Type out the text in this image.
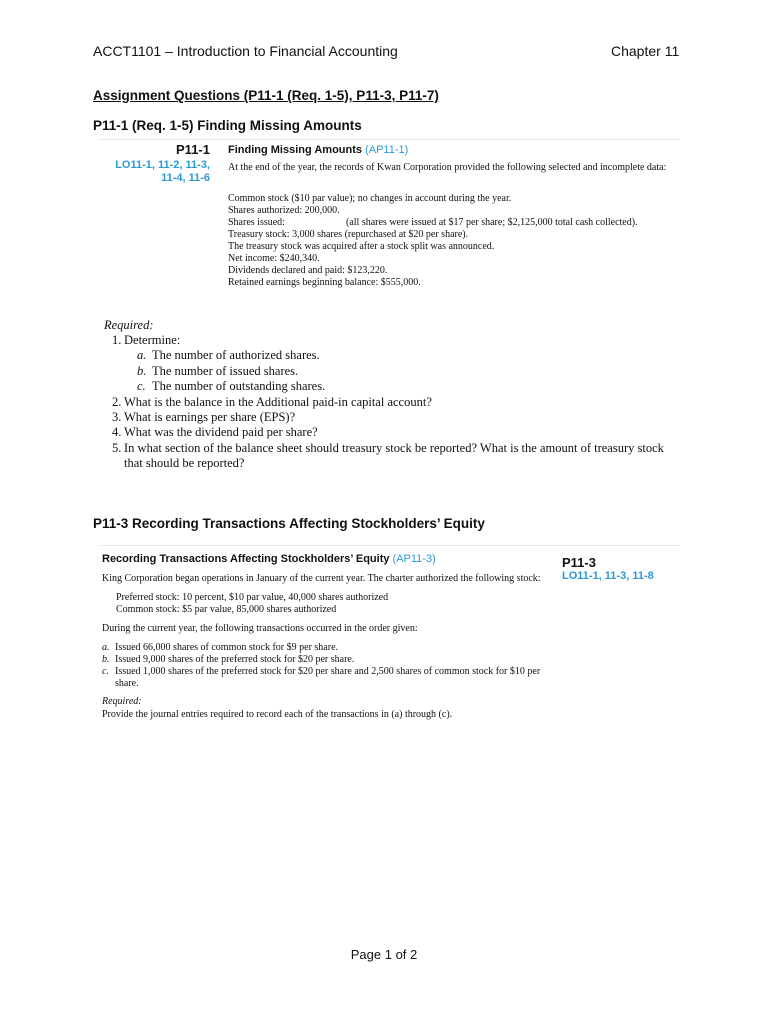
ACCT1101 – Introduction to Financial Accounting	Chapter 11
Assignment Questions (P11-1 (Req. 1-5), P11-3, P11-7)
P11-1 (Req. 1-5) Finding Missing Amounts
P11-1
LO11-1, 11-2, 11-3,
11-4, 11-6
Finding Missing Amounts (AP11-1)
At the end of the year, the records of Kwan Corporation provided the following selected and incomplete data:
Common stock ($10 par value); no changes in account during the year.
Shares authorized: 200,000.
Shares issued:	(all shares were issued at $17 per share; $2,125,000 total cash collected).
Treasury stock: 3,000 shares (repurchased at $20 per share).
The treasury stock was acquired after a stock split was announced.
Net income: $240,340.
Dividends declared and paid: $123,220.
Retained earnings beginning balance: $555,000.
Required:
1. Determine:
a. The number of authorized shares.
b. The number of issued shares.
c. The number of outstanding shares.
2. What is the balance in the Additional paid-in capital account?
3. What is earnings per share (EPS)?
4. What was the dividend paid per share?
5. In what section of the balance sheet should treasury stock be reported? What is the amount of treasury stock that should be reported?
P11-3 Recording Transactions Affecting Stockholders’ Equity
Recording Transactions Affecting Stockholders’ Equity (AP11-3)	P11-3
LO11-1, 11-3, 11-8
King Corporation began operations in January of the current year. The charter authorized the following stock:
Preferred stock: 10 percent, $10 par value, 40,000 shares authorized
Common stock: $5 par value, 85,000 shares authorized
During the current year, the following transactions occurred in the order given:
a. Issued 66,000 shares of common stock for $9 per share.
b. Issued 9,000 shares of the preferred stock for $20 per share.
c. Issued 1,000 shares of the preferred stock for $20 per share and 2,500 shares of common stock for $10 per share.
Required:
Provide the journal entries required to record each of the transactions in (a) through (c).
Page 1 of 2
